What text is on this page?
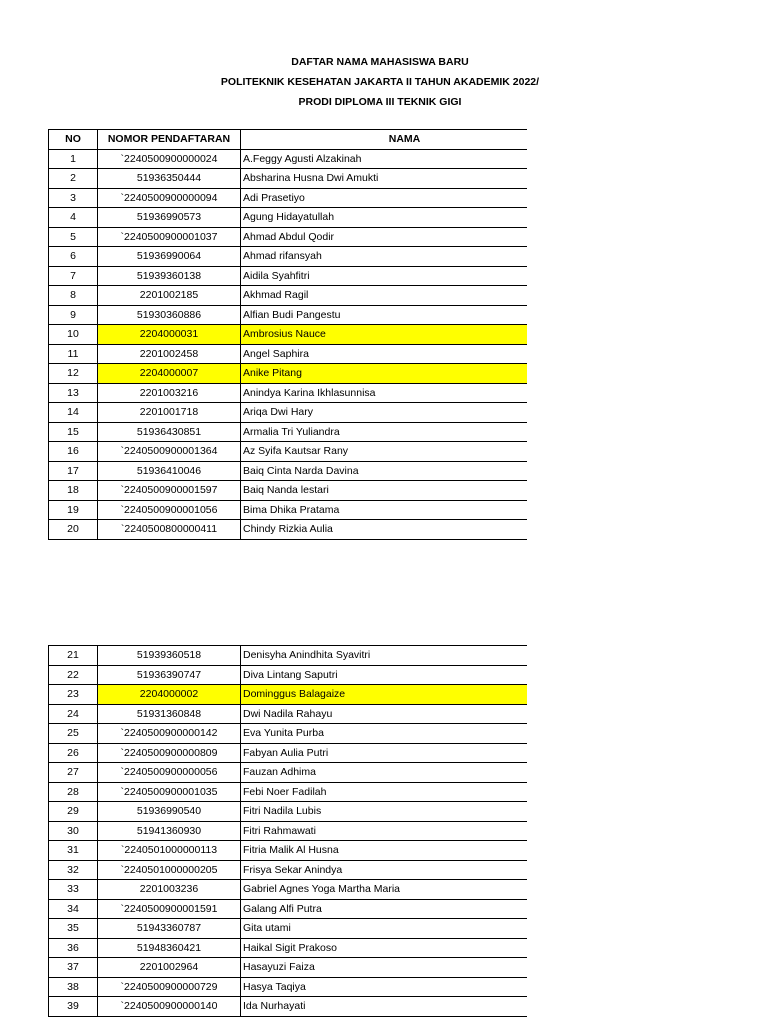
DAFTAR NAMA MAHASISWA BARU
POLITEKNIK KESEHATAN JAKARTA II TAHUN AKADEMIK 2022/
PRODI DIPLOMA III TEKNIK GIGI
NO	NOMOR PENDAFTARAN	NAMA
1	`2240500900000024	A.Feggy Agusti Alzakinah
2	51936350444	Absharina Husna Dwi Amukti
3	`2240500900000094	Adi Prasetiyo
4	51936990573	Agung Hidayatullah
5	`2240500900001037	Ahmad Abdul Qodir
6	51936990064	Ahmad rifansyah
7	51939360138	Aidila Syahfitri
8	2201002185	Akhmad Ragil
9	51930360886	Alfian Budi Pangestu
10	2204000031	Ambrosius Nauce
11	2201002458	Angel Saphira
12	2204000007	Anike Pitang
13	2201003216	Anindya Karina Ikhlasunnisa
14	2201001718	Ariqa Dwi Hary
15	51936430851	Armalia Tri Yuliandra
16	`2240500900001364	Az Syifa Kautsar Rany
17	51936410046	Baiq Cinta Narda Davina
18	`2240500900001597	Baiq Nanda lestari
19	`2240500900001056	Bima Dhika Pratama
20	`2240500800000411	Chindy Rizkia Aulia
21	51939360518	Denisyha Anindhita Syavitri
22	51936390747	Diva Lintang Saputri
23	2204000002	Dominggus Balagaize
24	51931360848	Dwi Nadila Rahayu
25	`2240500900000142	Eva Yunita Purba
26	`2240500900000809	Fabyan Aulia Putri
27	`2240500900000056	Fauzan Adhima
28	`2240500900001035	Febi Noer Fadilah
29	51936990540	Fitri Nadila Lubis
30	51941360930	Fitri Rahmawati
31	`2240501000000113	Fitria Malik Al Husna
32	`2240501000000205	Frisya Sekar Anindya
33	2201003236	Gabriel Agnes Yoga Martha Maria
34	`2240500900001591	Galang Alfi Putra
35	51943360787	Gita utami
36	51948360421	Haikal Sigit Prakoso
37	2201002964	Hasayuzi Faiza
38	`2240500900000729	Hasya Taqiya
39	`2240500900000140	Ida Nurhayati
